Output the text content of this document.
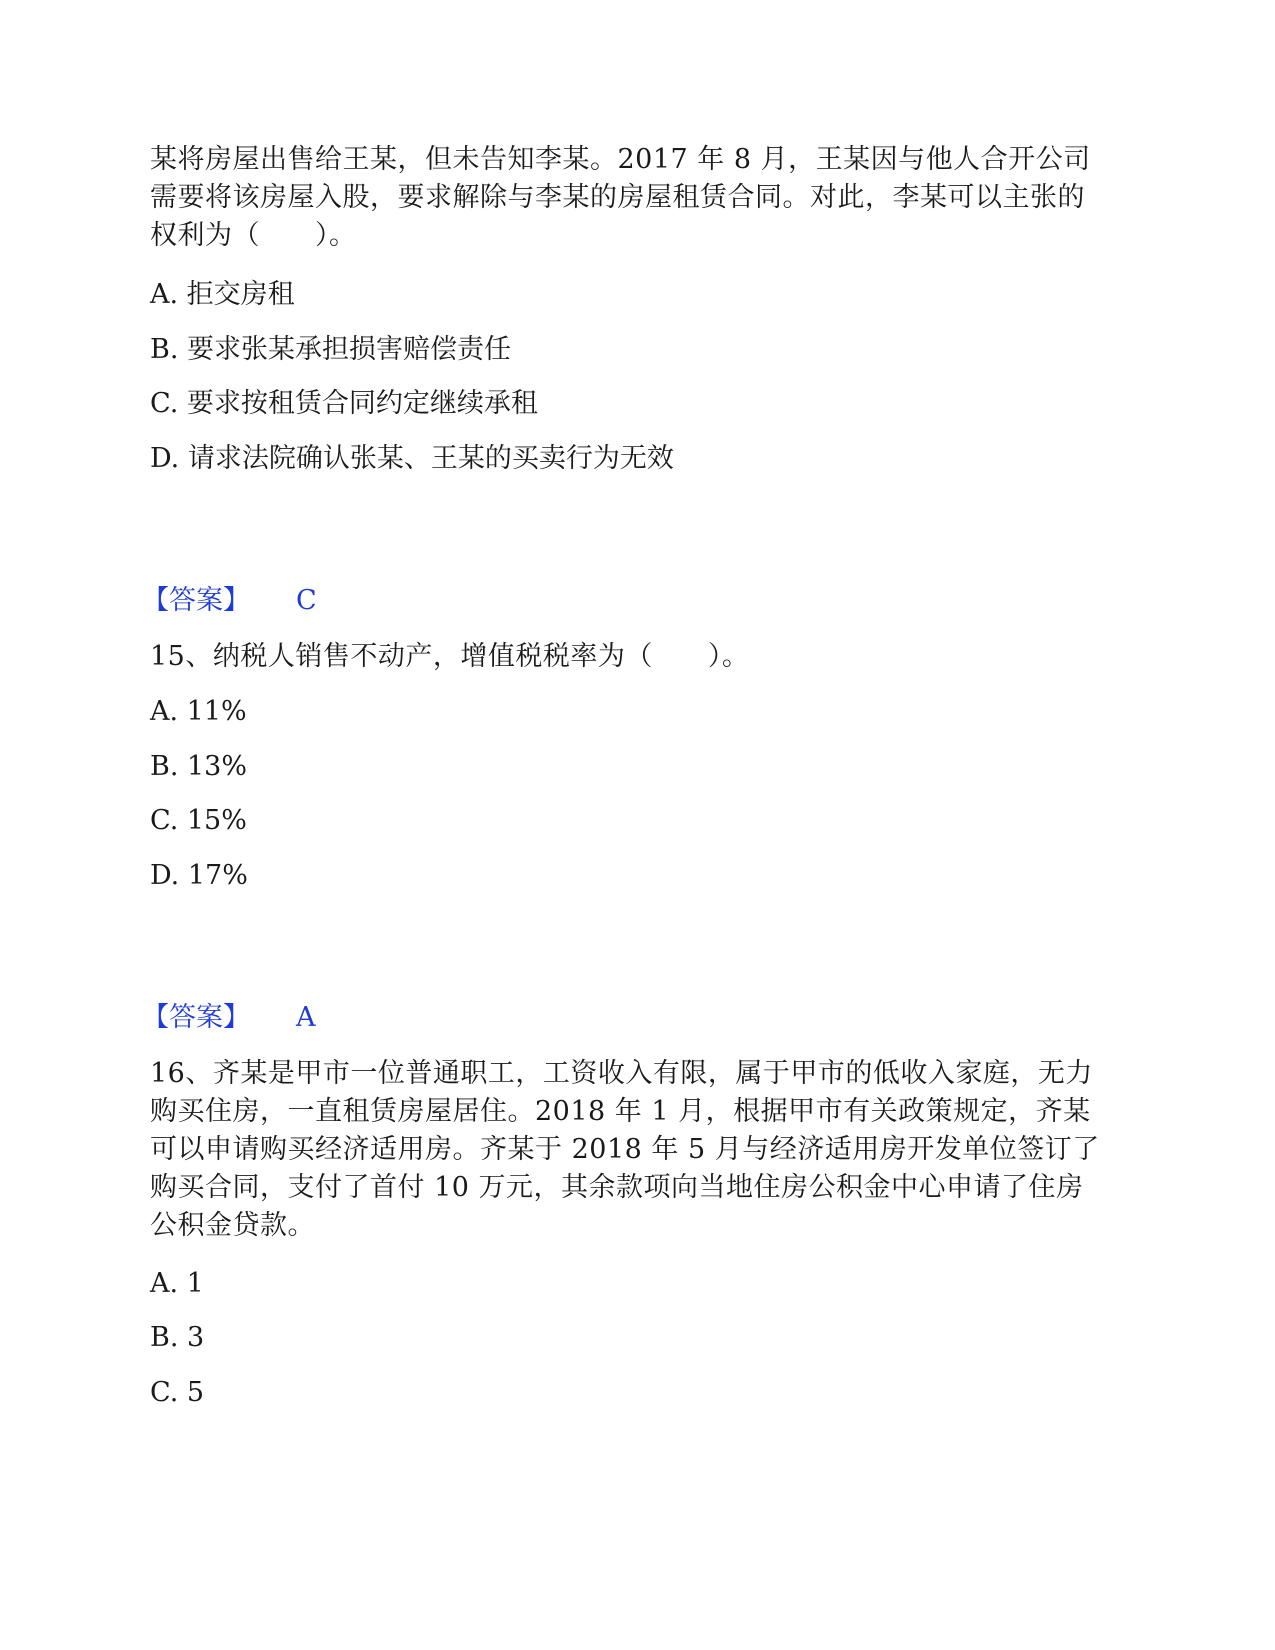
某将房屋出售给王某，但未告知李某。2017 年 8 月，王某因与他人合开公司需要将该房屋入股，要求解除与李某的房屋租赁合同。对此，李某可以主张的权利为（　　）。

A. 拒交房租

B. 要求张某承担损害赔偿责任

C. 要求按租赁合同约定继续承租

D. 请求法院确认张某、王某的买卖行为无效

【答案】 C

15、纳税人销售不动产，增值税税率为（　　）。

A. 11%

B. 13%

C. 15%

D. 17%

【答案】 A

16、齐某是甲市一位普通职工，工资收入有限，属于甲市的低收入家庭，无力购买住房，一直租赁房屋居住。2018 年 1 月，根据甲市有关政策规定，齐某可以申请购买经济适用房。齐某于 2018 年 5 月与经济适用房开发单位签订了购买合同，支付了首付 10 万元，其余款项向当地住房公积金中心申请了住房公积金贷款。

A. 1

B. 3

C. 5
